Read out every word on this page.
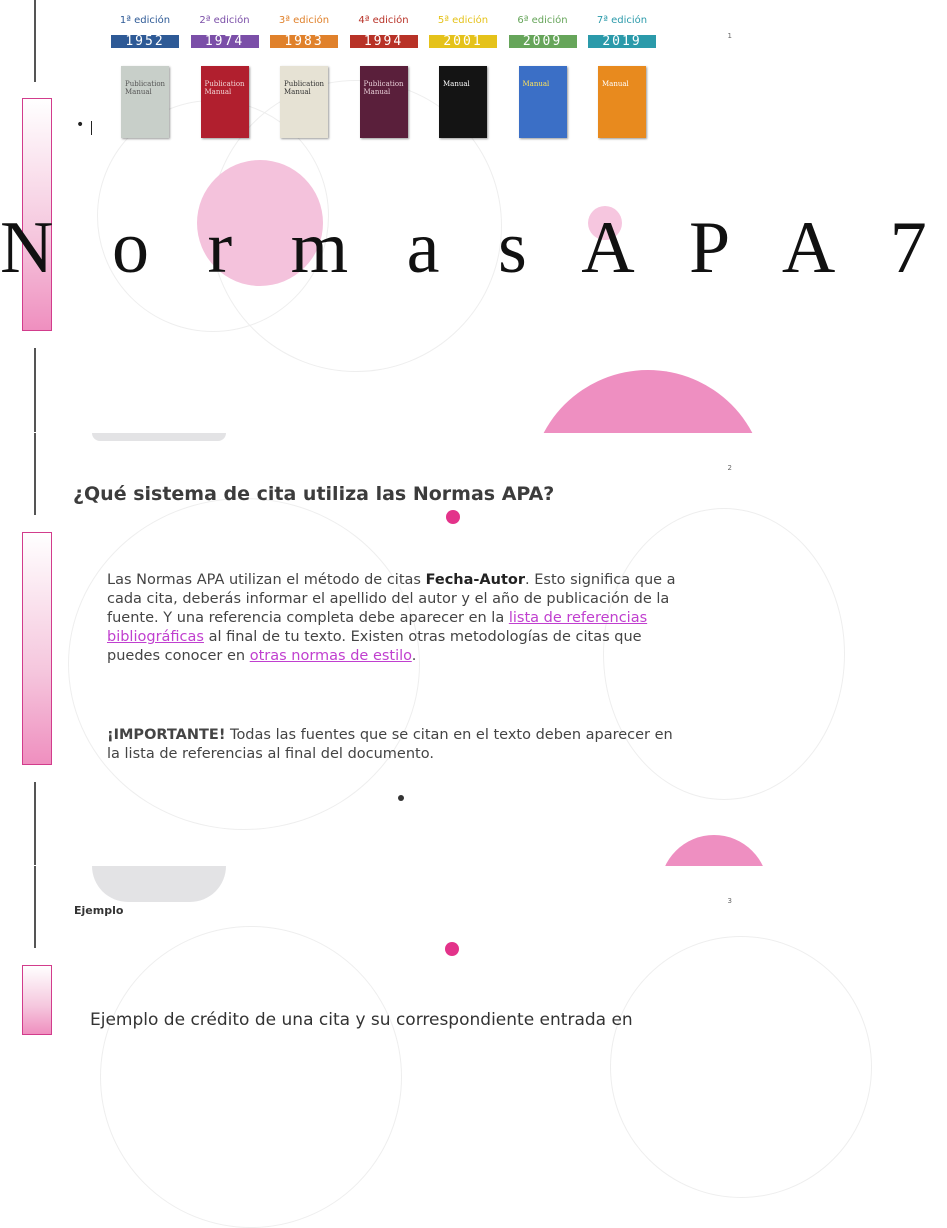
1
1ª edición
1952
Publication Manual
2ª edición
1974
Publication Manual
3ª edición
1983
Publication Manual
4ª edición
1994
Publication Manual
5ª edición
2001
Manual
6ª edición
2009
Manual
7ª edición
2019
Manual
•
N o r m a s A P A 7
2
¿Qué sistema de cita utiliza las Normas APA?
Las Normas APA utilizan el método de citas Fecha-Autor. Esto significa que a cada cita, deberás informar el apellido del autor y el año de publicación de la fuente. Y una referencia completa debe aparecer en la lista de referencias bibliográficas al final de tu texto. Existen otras metodologías de citas que puedes conocer en otras normas de estilo.
¡IMPORTANTE! Todas las fuentes que se citan en el texto deben aparecer en la lista de referencias al final del documento.
3
Ejemplo
Ejemplo de crédito de una cita y su correspondiente entrada en
